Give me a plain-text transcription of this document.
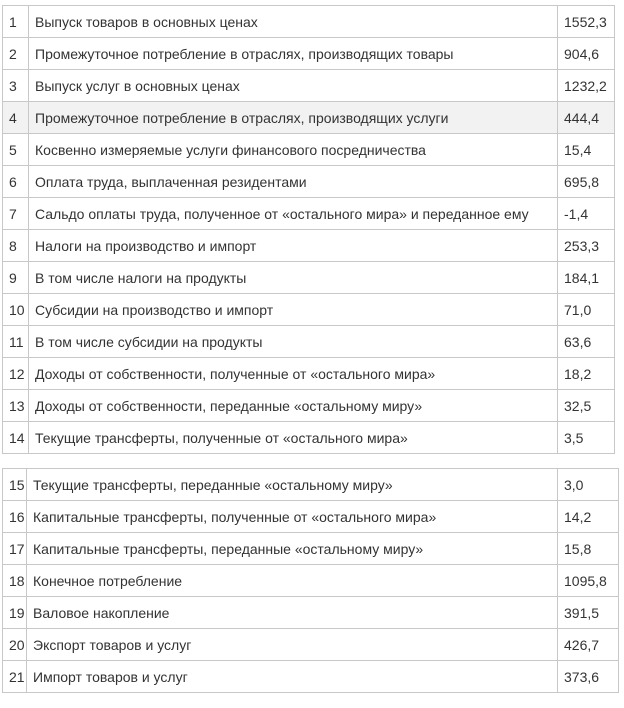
1	Выпуск товаров в основных ценах	1552,3
2	Промежуточное потребление в отраслях, производящих товары	904,6
3	Выпуск услуг в основных ценах	1232,2
4	Промежуточное потребление в отраслях, производящих услуги	444,4
5	Косвенно измеряемые услуги финансового посредничества	15,4
6	Оплата труда, выплаченная резидентами	695,8
7	Сальдо оплаты труда, полученное от «остального мира» и переданное ему	-1,4
8	Налоги на производство и импорт	253,3
9	В том числе налоги на продукты	184,1
10	Субсидии на производство и импорт	71,0
11	В том числе субсидии на продукты	63,6
12	Доходы от собственности, полученные от «остального мира»	18,2
13	Доходы от собственности, переданные «остальному миру»	32,5
14	Текущие трансферты, полученные от «остального мира»	3,5
15	Текущие трансферты, переданные «остальному миру»	3,0
16	Капитальные трансферты, полученные от «остального мира»	14,2
17	Капитальные трансферты, переданные «остальному миру»	15,8
18	Конечное потребление	1095,8
19	Валовое накопление	391,5
20	Экспорт товаров и услуг	426,7
21	Импорт товаров и услуг	373,6
